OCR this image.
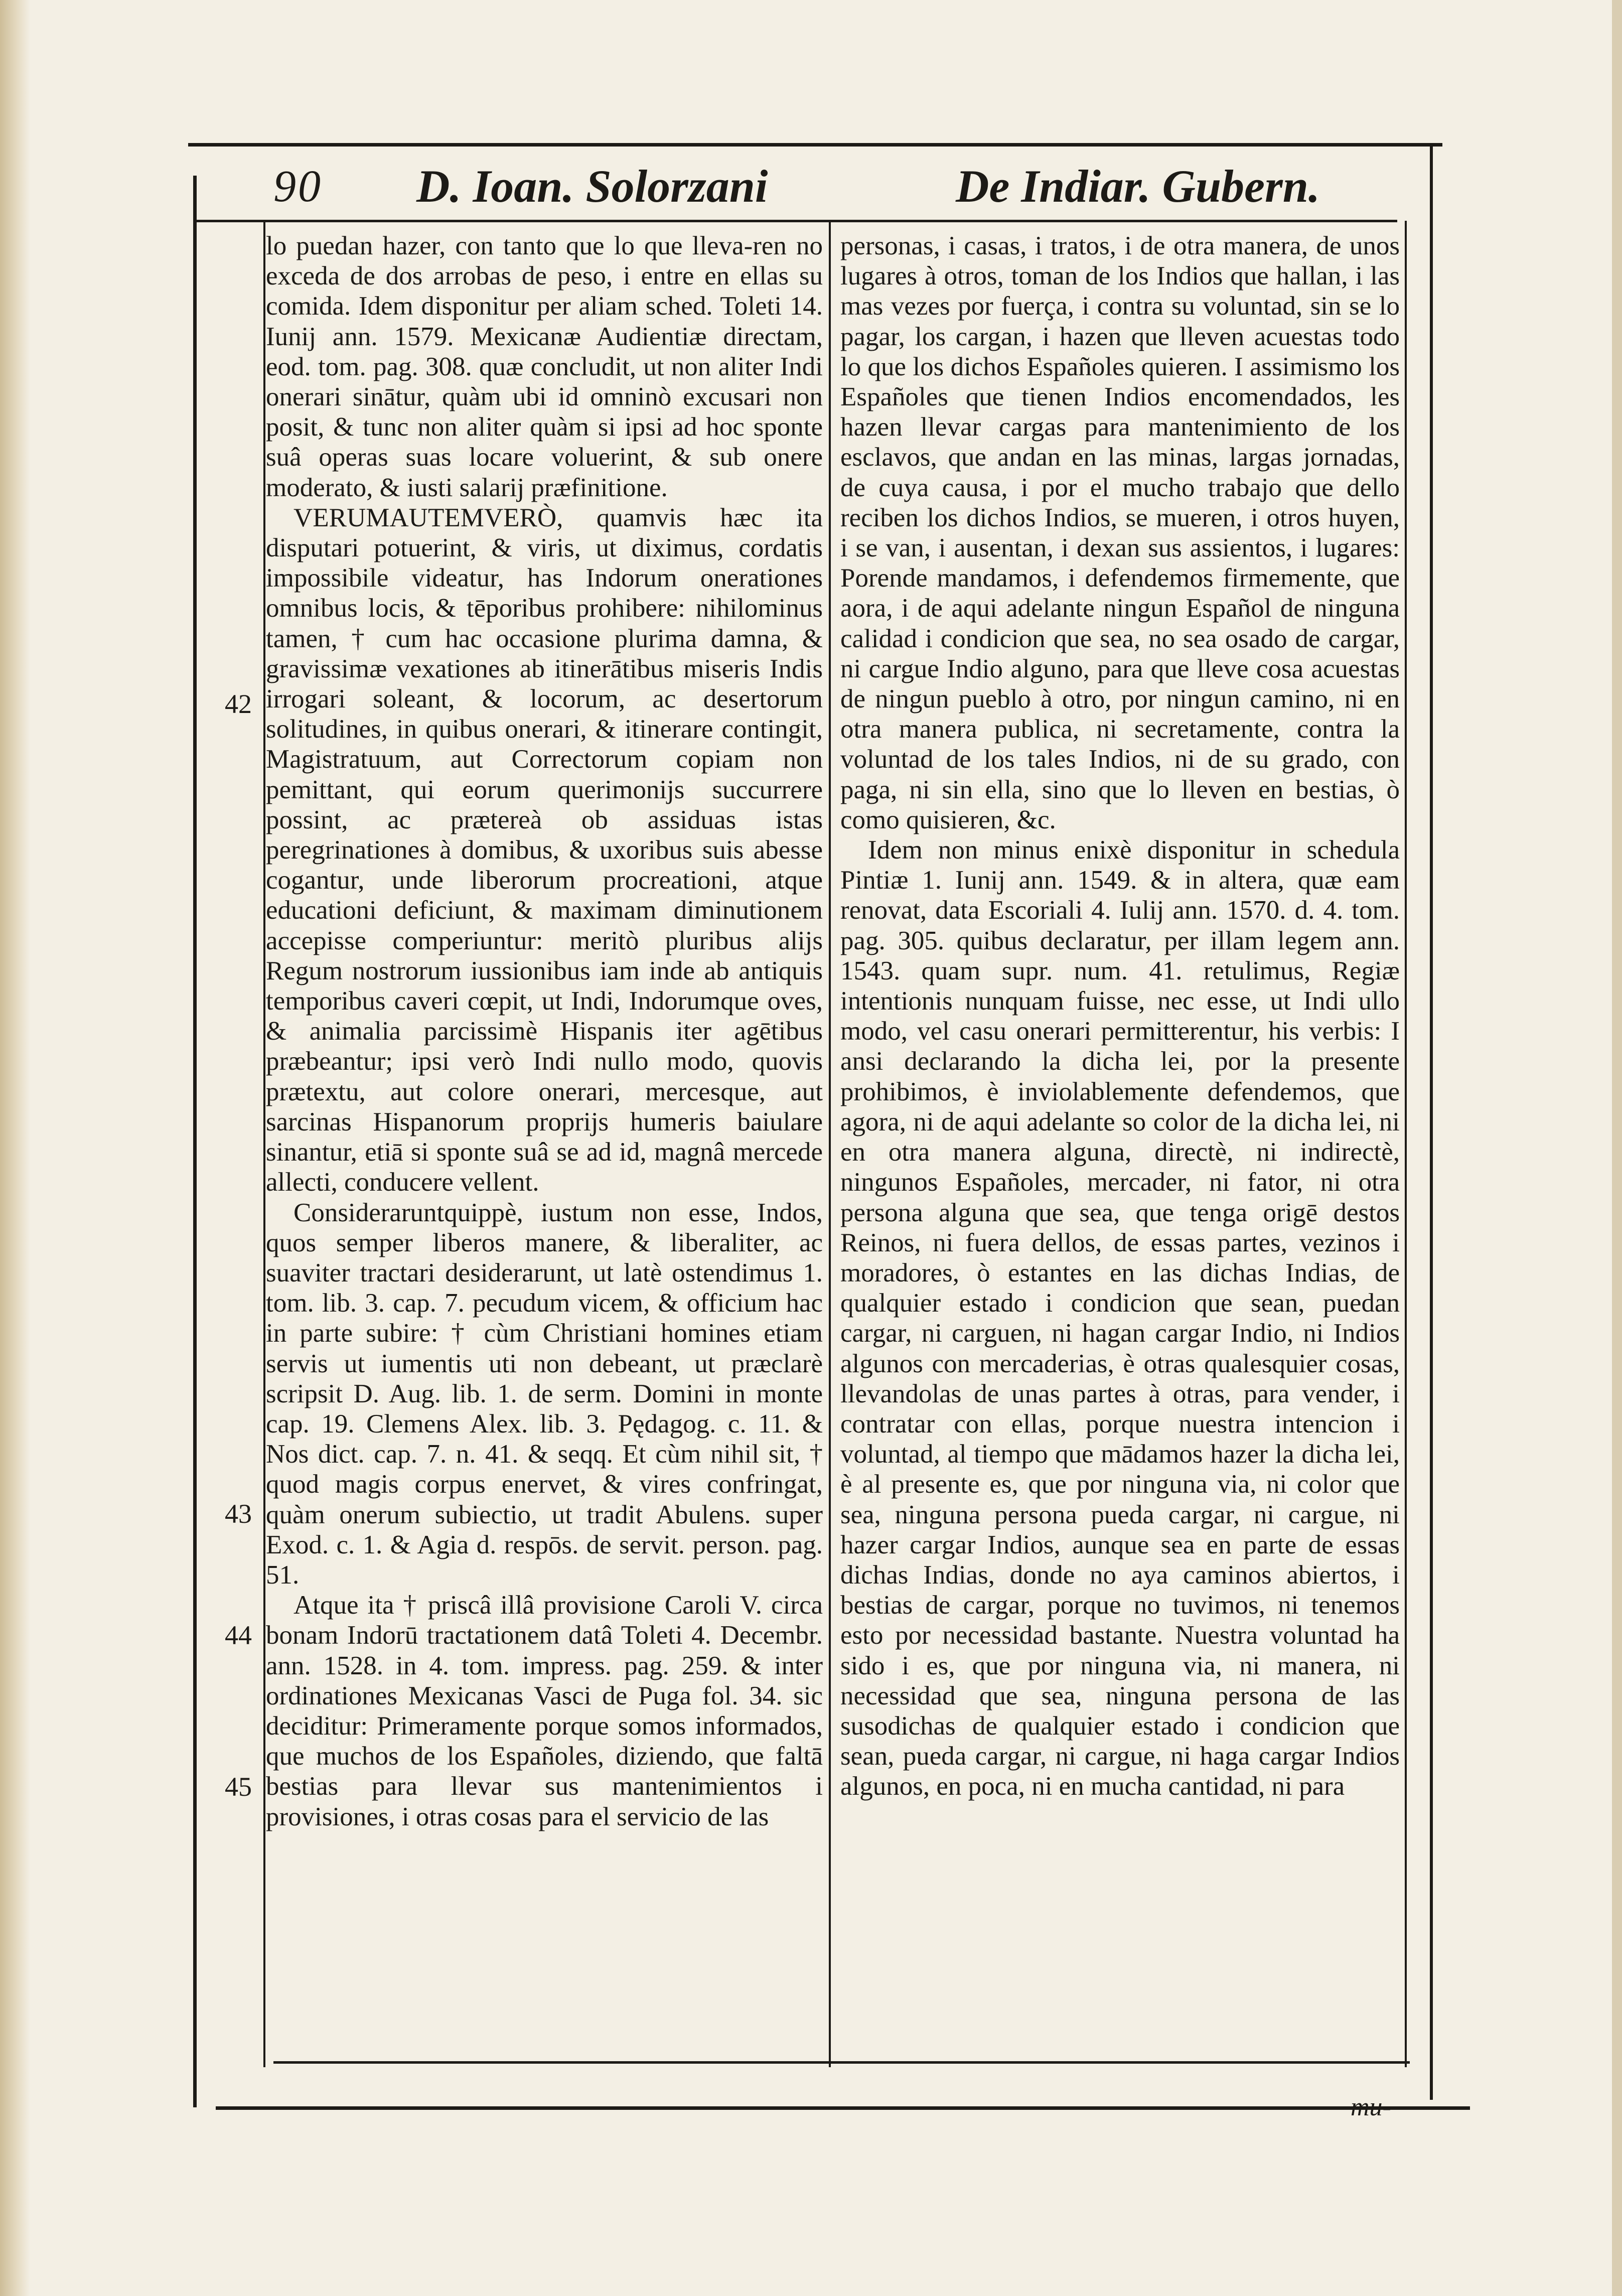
90 D. Ioan. Solorzani	De Indiar. Gubern.
42
43
44
45

lo puedan hazer, con tanto que lo que lleva-ren no exceda de dos arrobas de peso, i entre en ellas su comida. Idem disponitur per aliam sched. Toleti 14. Iunij ann. 1579. Mexicanæ Audientiæ directam, eod. tom. pag. 308. quæ concludit, ut non aliter Indi onerari sinātur, quàm ubi id omninò excusari non posit, & tunc non aliter quàm si ipsi ad hoc sponte suâ operas suas locare voluerint, & sub onere moderato, & iusti salarij præfinitione.

VERUMAUTEMVERÒ, quamvis hæc ita disputari potuerint, & viris, ut diximus, cordatis impossibile videatur, has Indorum onerationes omnibus locis, & tēporibus prohibere: nihilominus tamen, † cum hac occasione plurima damna, & gravissimæ vexationes ab itinerātibus miseris Indis irrogari soleant, & locorum, ac desertorum solitudines, in quibus onerari, & itinerare contingit, Magistratuum, aut Correctorum copiam non pemittant, qui eorum querimonijs succurrere possint, ac prætereà ob assiduas istas peregrinationes à domibus, & uxoribus suis abesse cogantur, unde liberorum procreationi, atque educationi deficiunt, & maximam diminutionem accepisse comperiuntur: meritò pluribus alijs Regum nostrorum iussionibus iam inde ab antiquis temporibus caveri cœpit, ut Indi, Indorumque oves, & animalia parcissimè Hispanis iter agētibus præbeantur; ipsi verò Indi nullo modo, quovis prætextu, aut colore onerari, mercesque, aut sarcinas Hispanorum proprijs humeris baiulare sinantur, etiā si sponte suâ se ad id, magnâ mercede allecti, conducere vellent.

Consideraruntquippè, iustum non esse, Indos, quos semper liberos manere, & liberaliter, ac suaviter tractari desiderarunt, ut latè ostendimus 1. tom. lib. 3. cap. 7. pecudum vicem, & officium hac in parte subire: † cùm Christiani homines etiam servis ut iumentis uti non debeant, ut præclarè scripsit D. Aug. lib. 1. de serm. Domini in monte cap. 19. Clemens Alex. lib. 3. Pędagog. c. 11. & Nos dict. cap. 7. n. 41. & seqq. Et cùm nihil sit, † quod magis corpus enervet, & vires confringat, quàm onerum subiectio, ut tradit Abulens. super Exod. c. 1. & Agia d. respōs. de servit. person. pag. 51.

Atque ita † priscâ illâ provisione Caroli V. circa bonam Indorū tractationem datâ Toleti 4. Decembr. ann. 1528. in 4. tom. impress. pag. 259. & inter ordinationes Mexicanas Vasci de Puga fol. 34. sic deciditur: Primeramente porque somos informados, que muchos de los Españoles, diziendo, que faltā bestias para llevar sus mantenimientos i provisiones, i otras cosas para el servicio de las

personas, i casas, i tratos, i de otra manera, de unos lugares à otros, toman de los Indios que hallan, i las mas vezes por fuerça, i contra su voluntad, sin se lo pagar, los cargan, i hazen que lleven acuestas todo lo que los dichos Españoles quieren. I assimismo los Españoles que tienen Indios encomendados, les hazen llevar cargas para mantenimiento de los esclavos, que andan en las minas, largas jornadas, de cuya causa, i por el mucho trabajo que dello reciben los dichos Indios, se mueren, i otros huyen, i se van, i ausentan, i dexan sus assientos, i lugares: Porende mandamos, i defendemos firmemente, que aora, i de aqui adelante ningun Español de ninguna calidad i condicion que sea, no sea osado de cargar, ni cargue Indio alguno, para que lleve cosa acuestas de ningun pueblo à otro, por ningun camino, ni en otra manera publica, ni secretamente, contra la voluntad de los tales Indios, ni de su grado, con paga, ni sin ella, sino que lo lleven en bestias, ò como quisieren, &c.

Idem non minus enixè disponitur in schedula Pintiæ 1. Iunij ann. 1549. & in altera, quæ eam renovat, data Escoriali 4. Iulij ann. 1570. d. 4. tom. pag. 305. quibus declaratur, per illam legem ann. 1543. quam supr. num. 41. retulimus, Regiæ intentionis nunquam fuisse, nec esse, ut Indi ullo modo, vel casu onerari permitterentur, his verbis: I ansi declarando la dicha lei, por la presente prohibimos, è inviolablemente defendemos, que agora, ni de aqui adelante so color de la dicha lei, ni en otra manera alguna, directè, ni indirectè, ningunos Españoles, mercader, ni fator, ni otra persona alguna que sea, que tenga origē destos Reinos, ni fuera dellos, de essas partes, vezinos i moradores, ò estantes en las dichas Indias, de qualquier estado i condicion que sean, puedan cargar, ni carguen, ni hagan cargar Indio, ni Indios algunos con mercaderias, è otras qualesquier cosas, llevandolas de unas partes à otras, para vender, i contratar con ellas, porque nuestra intencion i voluntad, al tiempo que mādamos hazer la dicha lei, è al presente es, que por ninguna via, ni color que sea, ninguna persona pueda cargar, ni cargue, ni hazer cargar Indios, aunque sea en parte de essas dichas Indias, donde no aya caminos abiertos, i bestias de cargar, porque no tuvimos, ni tenemos esto por necessidad bastante. Nuestra voluntad ha sido i es, que por ninguna via, ni manera, ni necessidad que sea, ninguna persona de las susodichas de qualquier estado i condicion que sean, pueda cargar, ni cargue, ni haga cargar Indios algunos, en poca, ni en mucha cantidad, ni para

mu-
